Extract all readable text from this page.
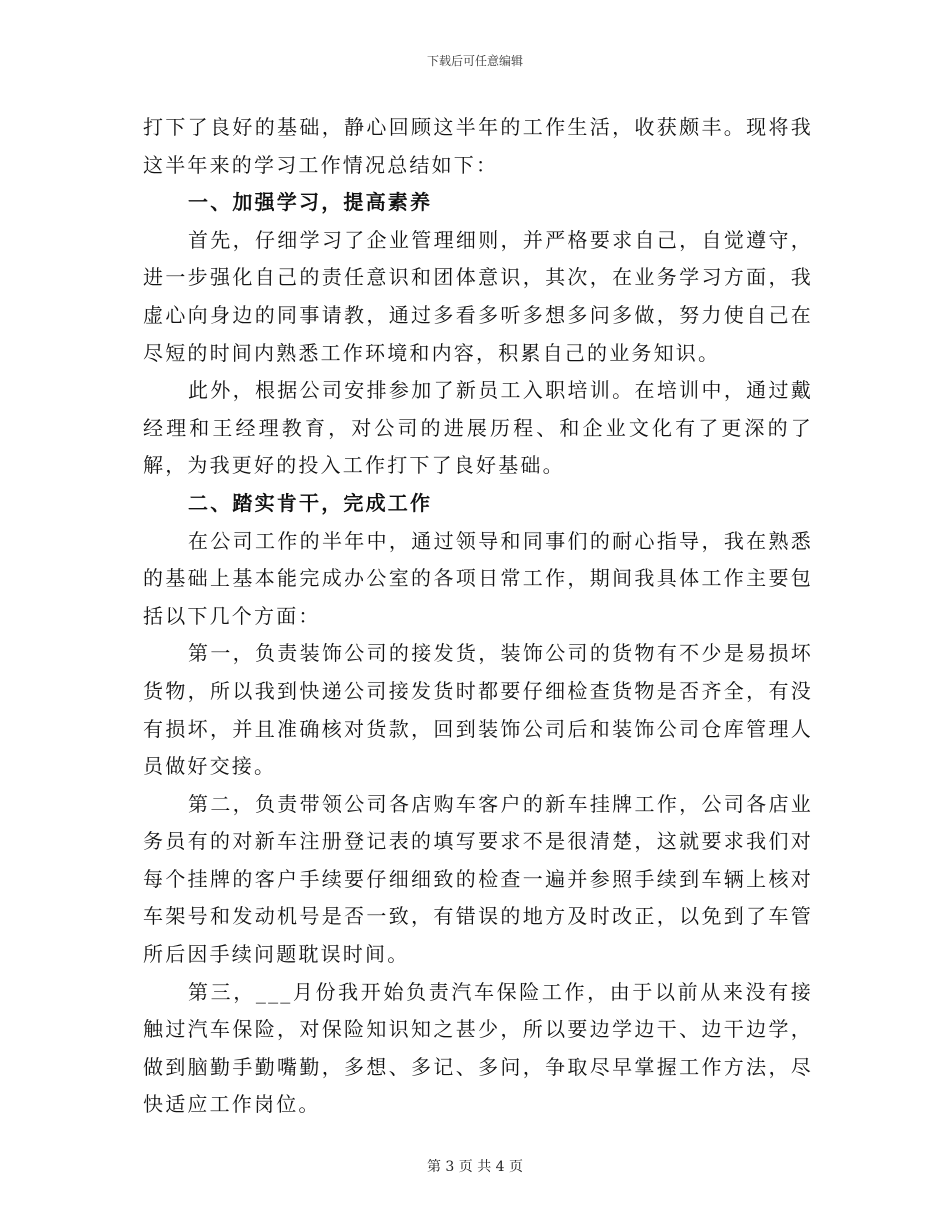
下载后可任意编辑

打下了良好的基础，静心回顾这半年的工作生活，收获颇丰。现将我这半年来的学习工作情况总结如下：

一、加强学习，提高素养

首先，仔细学习了企业管理细则，并严格要求自己，自觉遵守，进一步强化自己的责任意识和团体意识，其次，在业务学习方面，我虚心向身边的同事请教，通过多看多听多想多问多做，努力使自己在尽短的时间内熟悉工作环境和内容，积累自己的业务知识。

此外，根据公司安排参加了新员工入职培训。在培训中，通过戴经理和王经理教育，对公司的进展历程、和企业文化有了更深的了解，为我更好的投入工作打下了良好基础。

二、踏实肯干，完成工作

在公司工作的半年中，通过领导和同事们的耐心指导，我在熟悉的基础上基本能完成办公室的各项日常工作，期间我具体工作主要包括以下几个方面：

第一，负责装饰公司的接发货，装饰公司的货物有不少是易损坏货物，所以我到快递公司接发货时都要仔细检查货物是否齐全，有没有损坏，并且准确核对货款，回到装饰公司后和装饰公司仓库管理人员做好交接。

第二，负责带领公司各店购车客户的新车挂牌工作，公司各店业务员有的对新车注册登记表的填写要求不是很清楚，这就要求我们对每个挂牌的客户手续要仔细细致的检查一遍并参照手续到车辆上核对车架号和发动机号是否一致，有错误的地方及时改正，以免到了车管所后因手续问题耽误时间。

第三，___月份我开始负责汽车保险工作，由于以前从来没有接触过汽车保险，对保险知识知之甚少，所以要边学边干、边干边学，做到脑勤手勤嘴勤，多想、多记、多问，争取尽早掌握工作方法，尽快适应工作岗位。

第 3 页 共 4 页
